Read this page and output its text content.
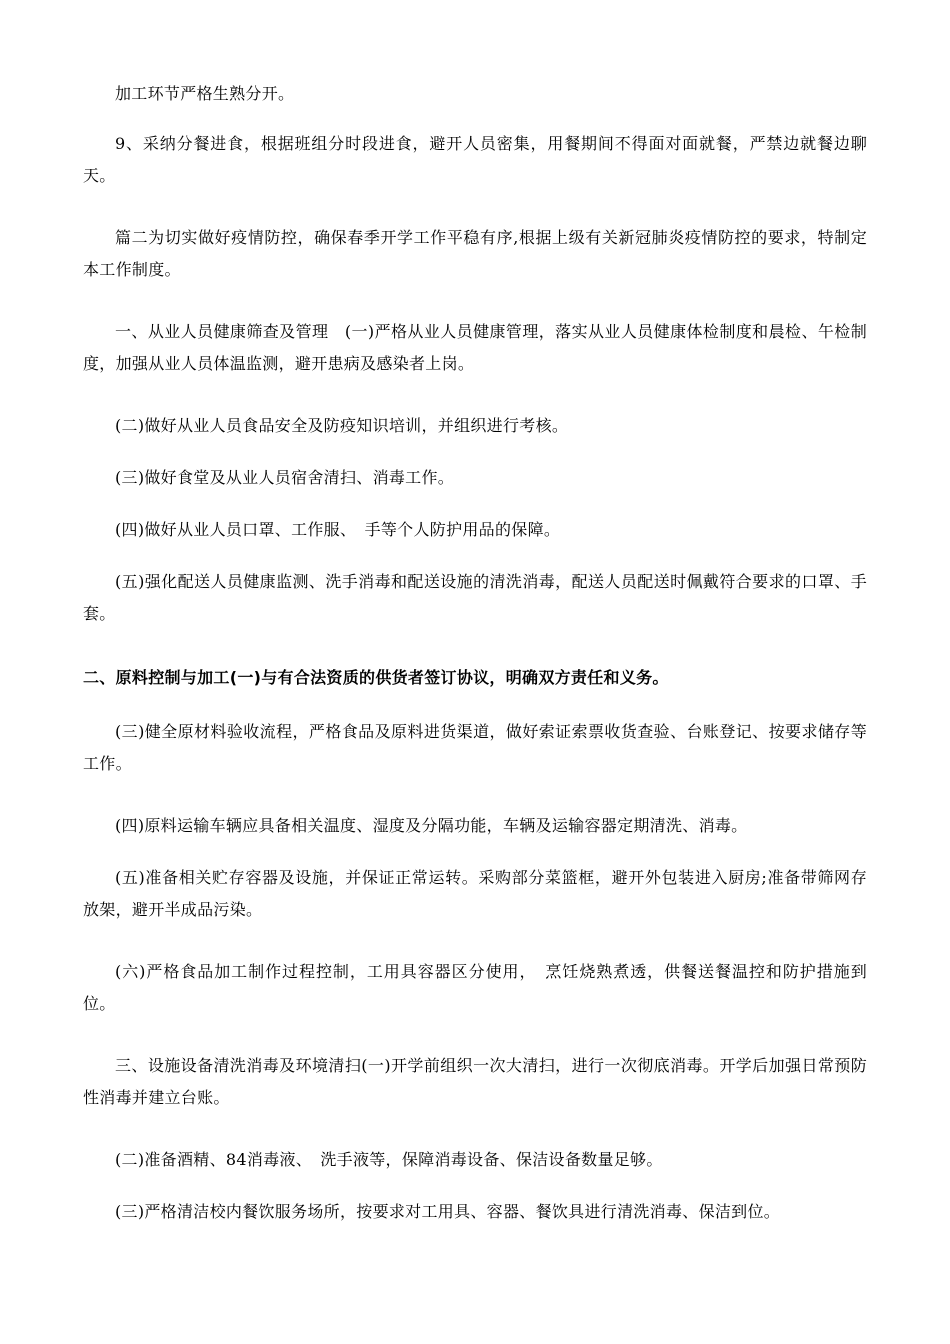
加工环节严格生熟分开。

9、采纳分餐进食，根据班组分时段进食，避开人员密集，用餐期间不得面对面就餐，严禁边就餐边聊天。

篇二为切实做好疫情防控，确保春季开学工作平稳有序,根据上级有关新冠肺炎疫情防控的要求，特制定本工作制度。

一、从业人员健康筛查及管理　(一)严格从业人员健康管理，落实从业人员健康体检制度和晨检、午检制度，加强从业人员体温监测，避开患病及感染者上岗。

(二)做好从业人员食品安全及防疫知识培训，并组织进行考核。

(三)做好食堂及从业人员宿舍清扫、消毒工作。

(四)做好从业人员口罩、工作服、　手等个人防护用品的保障。

(五)强化配送人员健康监测、洗手消毒和配送设施的清洗消毒，配送人员配送时佩戴符合要求的口罩、手套。

二、原料控制与加工(一)与有合法资质的供货者签订协议，明确双方责任和义务。

(三)健全原材料验收流程，严格食品及原料进货渠道，做好索证索票收货查验、台账登记、按要求储存等工作。

(四)原料运输车辆应具备相关温度、湿度及分隔功能，车辆及运输容器定期清洗、消毒。

(五)准备相关贮存容器及设施，并保证正常运转。采购部分菜篮框，避开外包装进入厨房;准备带筛网存放架，避开半成品污染。

(六)严格食品加工制作过程控制，工用具容器区分使用，　烹饪烧熟煮透，供餐送餐温控和防护措施到位。

三、设施设备清洗消毒及环境清扫(一)开学前组织一次大清扫，进行一次彻底消毒。开学后加强日常预防性消毒并建立台账。

(二)准备酒精、84消毒液、　洗手液等，保障消毒设备、保洁设备数量足够。

(三)严格清洁校内餐饮服务场所，按要求对工用具、容器、餐饮具进行清洗消毒、保洁到位。
